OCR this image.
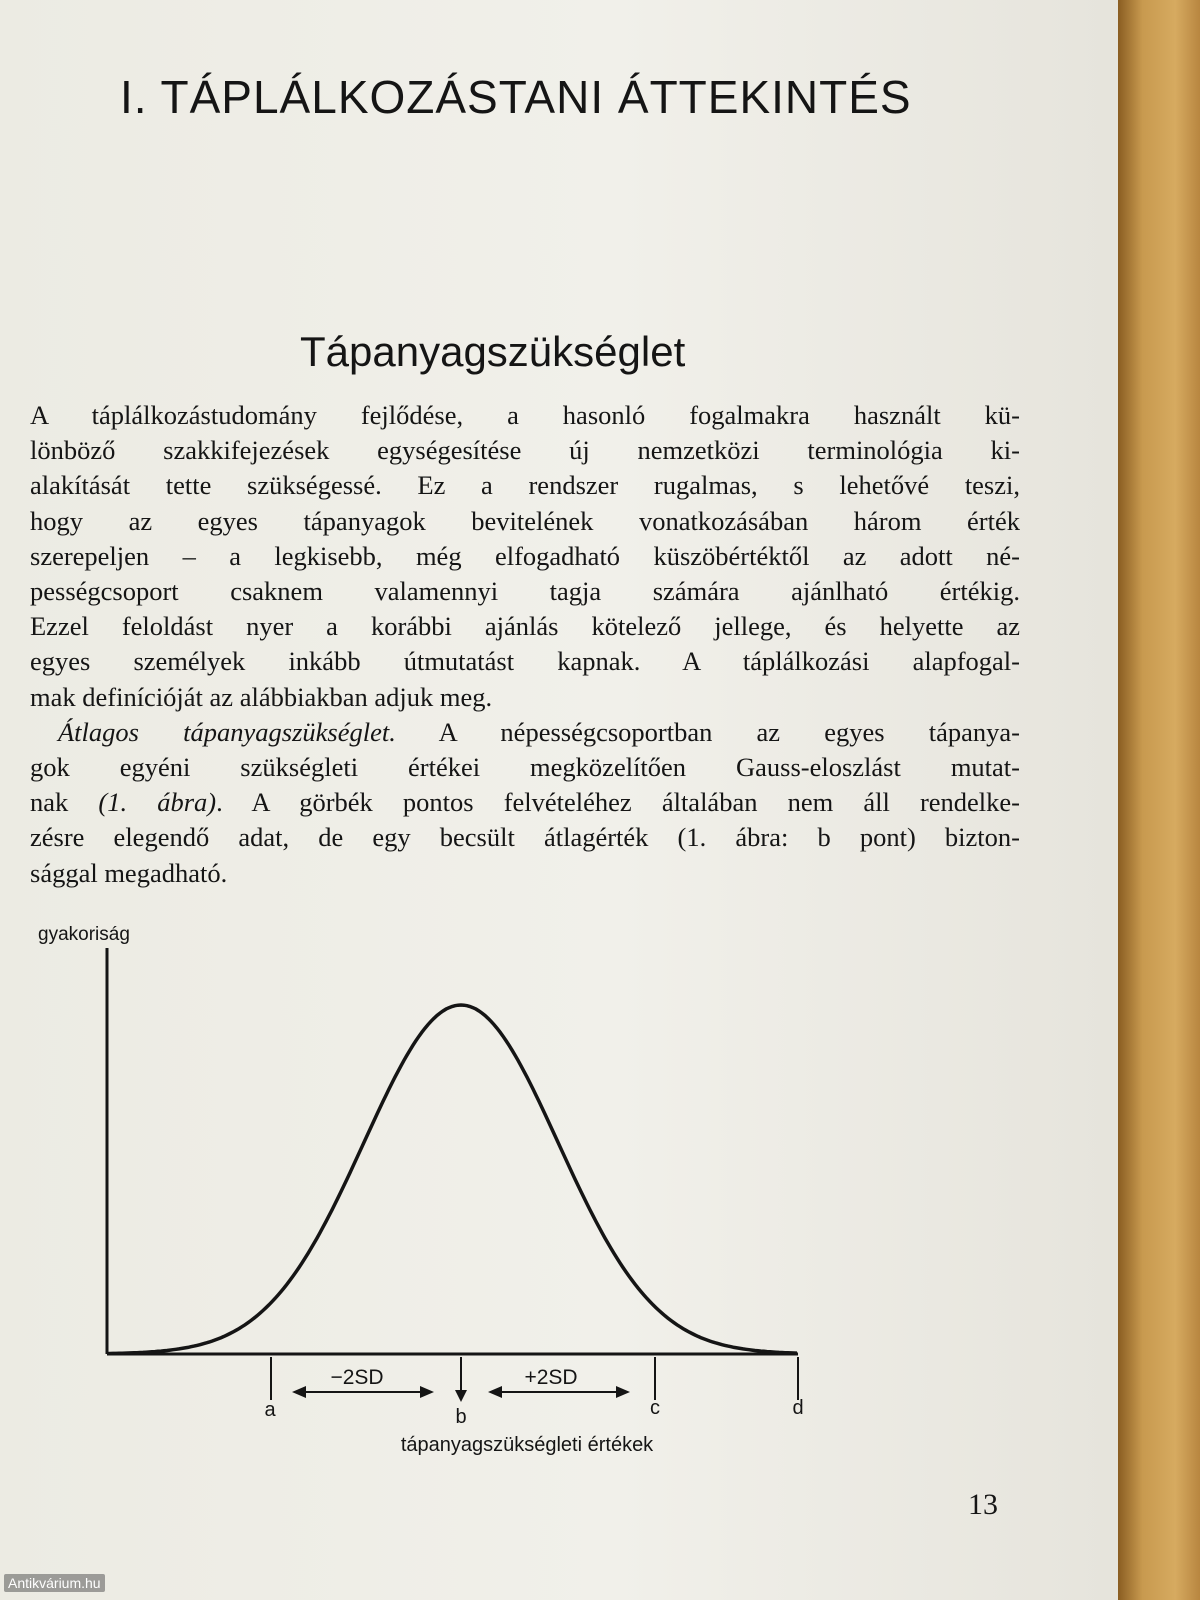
I. TÁPLÁLKOZÁSTANI ÁTTEKINTÉS
Tápanyagszükséglet
A táplálkozástudomány fejlődése, a hasonló fogalmakra használt kü-
lönböző szakkifejezések egységesítése új nemzetközi terminológia ki-
alakítását tette szükségessé. Ez a rendszer rugalmas, s lehetővé teszi,
hogy az egyes tápanyagok bevitelének vonatkozásában három érték
szerepeljen – a legkisebb, még elfogadható küszöbértéktől az adott né-
pességcsoport csaknem valamennyi tagja számára ajánlható értékig.
Ezzel feloldást nyer a korábbi ajánlás kötelező jellege, és helyette az
egyes személyek inkább útmutatást kapnak. A táplálkozási alapfogal-
mak definícióját az alábbiakban adjuk meg.
Átlagos tápanyagszükséglet. A népességcsoportban az egyes tápanya-
gok egyéni szükségleti értékei megközelítően Gauss-eloszlást mutat-
nak (1. ábra). A görbék pontos felvételéhez általában nem áll rendelke-
zésre elegendő adat, de egy becsült átlagérték (1. ábra: b pont) bizton-
sággal megadható.
gyakoriság
−2SD	+2SD
a	b	c	d
tápanyagszükségleti értékek
13
Antikvárium.hu
